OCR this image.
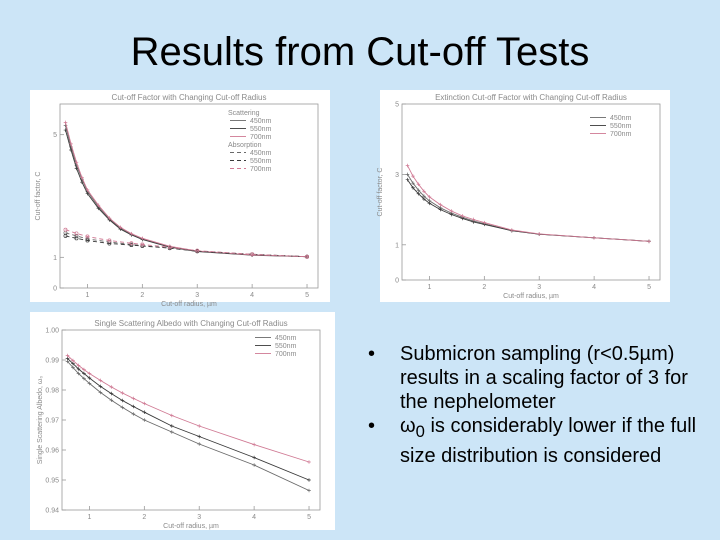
Results from Cut-off Tests
Cut-off Factor with Changing Cut-off Radius
1	2	3	4	5
0
1
5
Cut-off radius, µm
Cut-off factor, C
Scattering
450nm
550nm
700nm
Absorption
450nm
550nm
700nm
Extinction Cut-off Factor with Changing Cut-off Radius
1	2	3	4	5
0
1
3
5
Cut-off radius, µm
Cut-off factor, C
450nm
550nm
700nm
Single Scattering Albedo with Changing Cut-off Radius
1	2	3	4	5
0.94
0.95
0.96
0.97
0.98
0.99
1.00
Cut-off radius, µm
Single Scattering Albedo, ω₀
450nm
550nm
700nm	• Submicron sampling (r<0.5µm) results in a scaling factor of 3 for the nephelometer
• $\omega_0$ is considerably lower if the full size distribution is considered
